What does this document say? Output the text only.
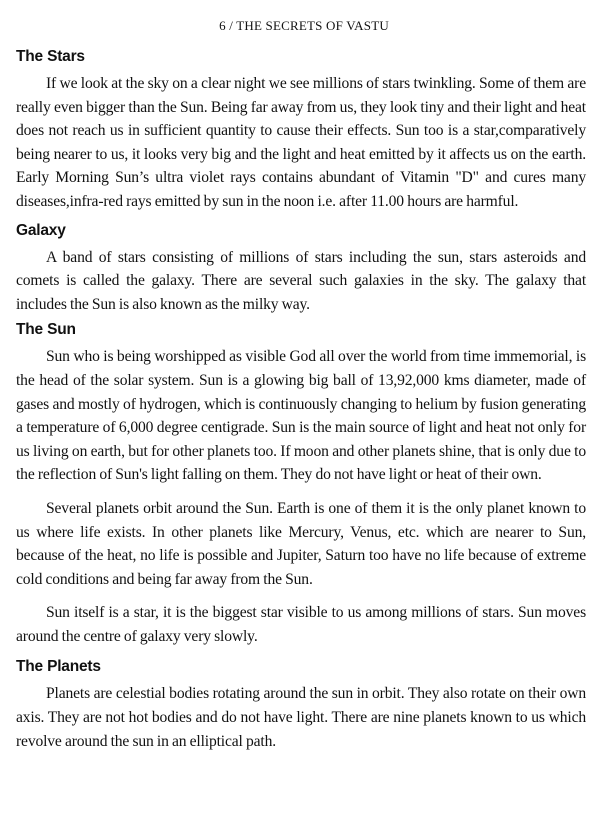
6 / THE SECRETS OF VASTU
The Stars

If we look at the sky on a clear night we see millions of stars twinkling. Some of them are really even bigger than the Sun. Being far away from us, they look tiny and their light and heat does not reach us in sufficient quantity to cause their effects. Sun too is a star,comparatively being nearer to us, it looks very big and the light and heat emitted by it affects us on the earth. Early Morning Sun’s ultra violet rays contains abundant of Vitamin "D" and cures many diseases,infra-red rays emitted by sun in the noon i.e. after 11.00 hours are harmful.

Galaxy

A band of stars consisting of millions of stars including the sun, stars asteroids and comets is called the galaxy. There are several such galaxies in the sky. The galaxy that includes the Sun is also known as the milky way.

The Sun

Sun who is being worshipped as visible God all over the world from time immemorial, is the head of the solar system. Sun is a glowing big ball of 13,92,000 kms diameter, made of gases and mostly of hydrogen, which is continuously changing to helium by fusion generating a temperature of 6,000 degree centigrade. Sun is the main source of light and heat not only for us living on earth, but for other planets too. If moon and other planets shine, that is only due to the reflection of Sun's light falling on them. They do not have light or heat of their own.

Several planets orbit around the Sun. Earth is one of them it is the only planet known to us where life exists. In other planets like Mercury, Venus, etc. which are nearer to Sun, because of the heat, no life is possible and Jupiter, Saturn too have no life because of extreme cold conditions and being far away from the Sun.

Sun itself is a star, it is the biggest star visible to us among millions of stars. Sun moves around the centre of galaxy very slowly.

The Planets

Planets are celestial bodies rotating around the sun in orbit. They also rotate on their own axis. They are not hot bodies and do not have light. There are nine planets known to us which revolve around the sun in an elliptical path.
